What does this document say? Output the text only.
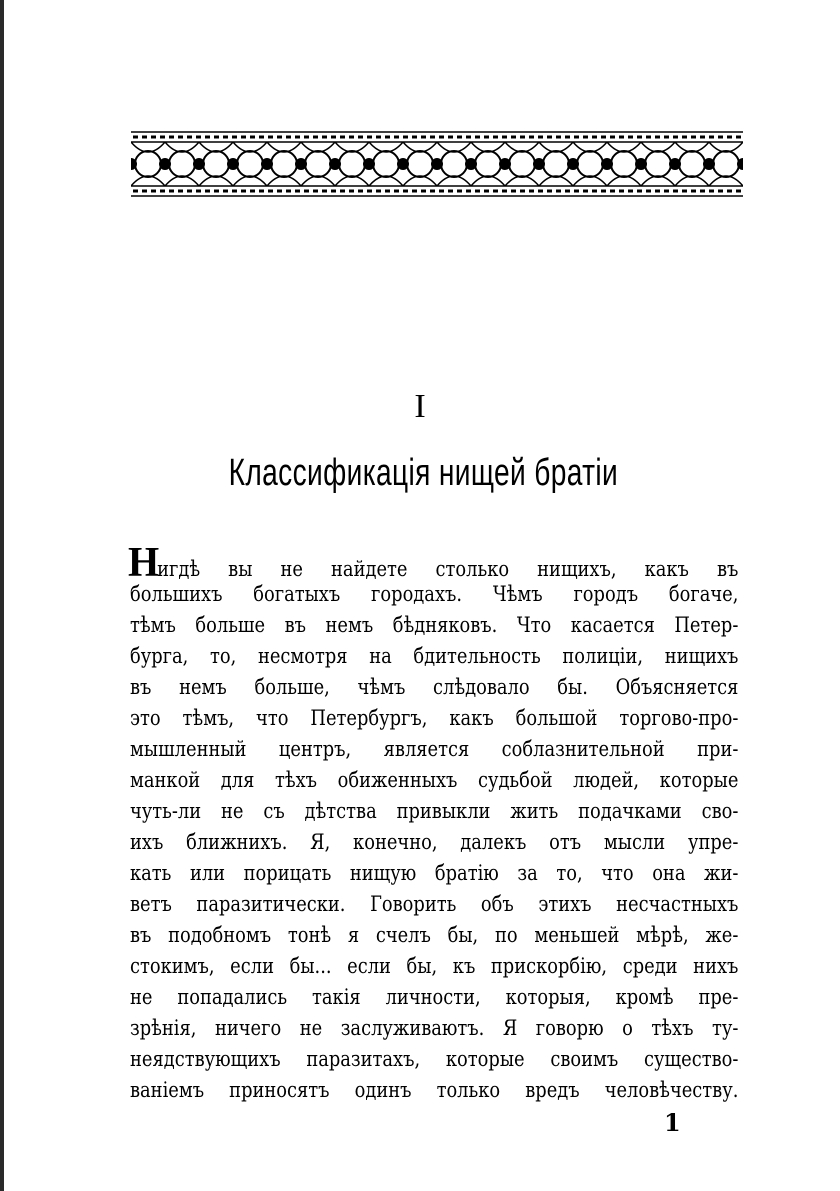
I
Классификацiя нищей братiи
Нигдѣ вы не найдете столько нищихъ, какъ въ
большихъ богатыхъ городахъ. Чѣмъ городъ богаче,
тѣмъ больше въ немъ бѣдняковъ. Что касается Петер-
бурга, то, несмотря на бдительность полицiи, нищихъ
въ немъ больше, чѣмъ слѣдовало бы. Объясняется
это тѣмъ, что Петербургъ, какъ большой торгово-про-
мышленный центръ, является соблазнительной при-
манкой для тѣхъ обиженныхъ судьбой людей, которые
чуть-ли не съ дѣтства привыкли жить подачками сво-
ихъ ближнихъ. Я, конечно, далекъ отъ мысли упре-
кать или порицать нищую братiю за то, что она жи-
ветъ паразитически. Говорить объ этихъ несчастныхъ
въ подобномъ тонѣ я счелъ бы, по меньшей мѣрѣ, же-
стокимъ, если бы... если бы, къ прискорбiю, среди нихъ
не попадались такiя личности, которыя, кромѣ пре-
зрѣнiя, ничего не заслуживаютъ. Я говорю о тѣхъ ту-
неядствующихъ паразитахъ, которые своимъ существо-
ванiемъ приносятъ одинъ только вредъ человѣчеству.
1
